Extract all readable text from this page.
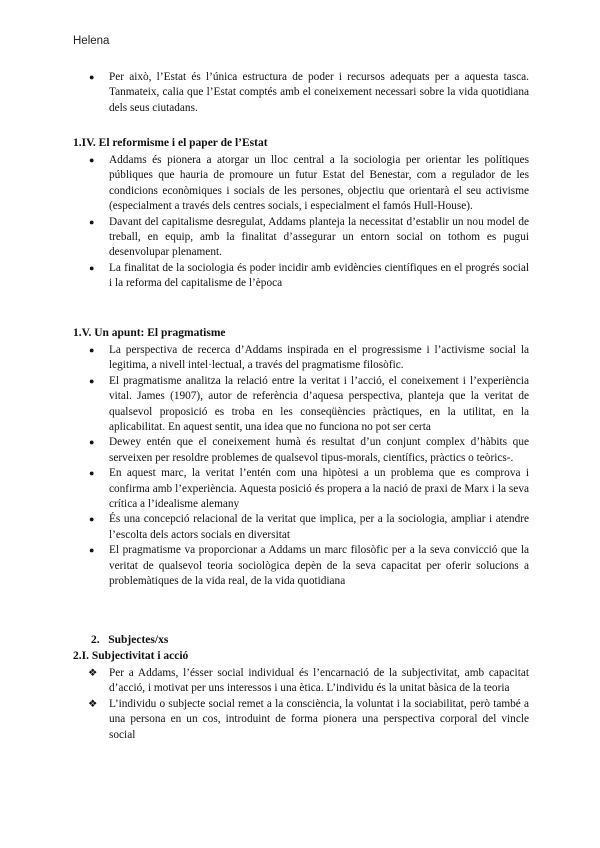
Helena
● Per això, l’Estat és l’única estructura de poder i recursos adequats per a aquesta tasca. Tanmateix, calia que l’Estat comptés amb el coneixement necessari sobre la vida quotidiana dels seus ciutadans.
1.IV. El reformisme i el paper de l’Estat
● Addams és pionera a atorgar un lloc central a la sociologia per orientar les polítiques públiques que hauria de promoure un futur Estat del Benestar, com a regulador de les condicions econòmiques i socials de les persones, objectiu que orientarà el seu activisme (especialment a través dels centres socials, i especialment el famós Hull-House).
● Davant del capitalisme desregulat, Addams planteja la necessitat d’establir un nou model de treball, en equip, amb la finalitat d’assegurar un entorn social on tothom es pugui desenvolupar plenament.
● La finalitat de la sociologia és poder incidir amb evidències científiques en el progrés social i la reforma del capitalisme de l’època
1.V. Un apunt: El pragmatisme
● La perspectiva de recerca d’Addams inspirada en el progressisme i l’activisme social la legitima, a nivell intel·lectual, a través del pragmatisme filosòfic.
● El pragmatisme analitza la relació entre la veritat i l’acció, el coneixement i l’experiència vital. James (1907), autor de referència d’aquesa perspectiva, planteja que la veritat de qualsevol proposició es troba en les conseqüències pràctiques, en la utilitat, en la aplicabilitat. En aquest sentit, una idea que no funciona no pot ser certa
● Dewey entén que el coneixement humà és resultat d’un conjunt complex d’hàbits que serveixen per resoldre problemes de qualsevol tipus-morals, científics, pràctics o teòrics-.
● En aquest marc, la veritat l’entén com una hipòtesi a un problema que es comprova i confirma amb l’experiència. Aquesta posició és propera a la nació de praxi de Marx i la seva crítica a l’idealisme alemany
● És una concepció relacional de la veritat que implica, per a la sociologia, ampliar i atendre l’escolta dels actors socials en diversitat
● El pragmatisme va proporcionar a Addams un marc filosòfic per a la seva convicció que la veritat de qualsevol teoria sociològica depèn de la seva capacitat per oferir solucions a problemàtiques de la vida real, de la vida quotidiana
2.   Subjectes/xs
2.I. Subjectivitat i acció
❖ Per a Addams, l’ésser social individual és l’encarnació de la subjectivitat, amb capacitat d’acció, i motivat per uns interessos i una ètica. L’individu és la unitat bàsica de la teoria
❖ L’individu o subjecte social remet a la consciència, la voluntat i la sociabilitat, però també a una persona en un cos, introduint de forma pionera una perspectiva corporal del vincle social
